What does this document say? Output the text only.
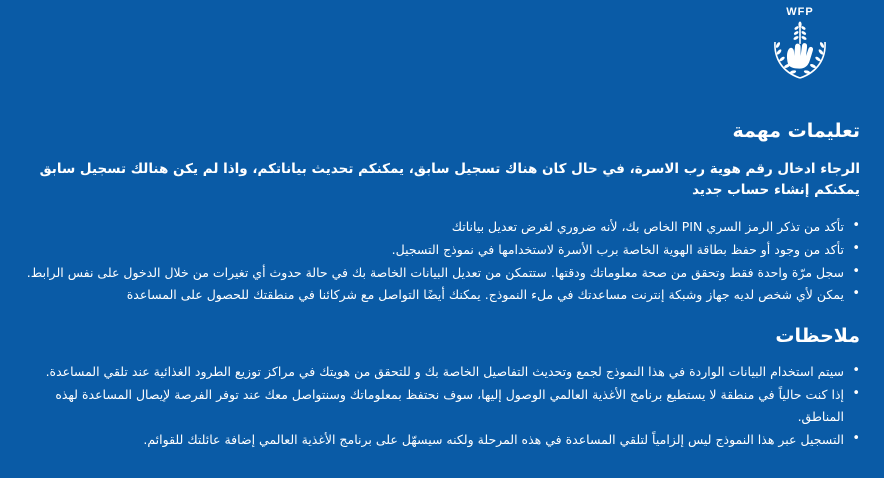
WFP
تعليمات مهمة

الرجاء ادخال رقم هوية رب الاسرة، في حال كان هناك تسجيل سابق، يمكنكم تحديث بياناتكم، واذا لم يكن هنالك تسجيل سابق يمكنكم إنشاء حساب جديد

• تأكد من تذكر الرمز السري PIN الخاص بك، لأنه ضروري لغرض تعديل بياناتك
• تأكد من وجود أو حفظ بطاقة الهوية الخاصة برب الأسرة لاستخدامها في نموذج التسجيل.
• سجل مرّة واحدة فقط وتحقق من صحة معلوماتك ودقتها. ستتمكن من تعديل البيانات الخاصة بك في حالة حدوث أي تغيرات من خلال الدخول على نفس الرابط.
• يمكن لأي شخص لديه جهاز وشبكة إنترنت مساعدتك في ملء النموذج. يمكنك أيضًا التواصل مع شركائنا في منطقتك للحصول على المساعدة
ملاحظات
• سيتم استخدام البيانات الواردة في هذا النموذج لجمع وتحديث التفاصيل الخاصة بك و للتحقق من هويتك في مراكز توزيع الطرود الغذائية عند تلقي المساعدة.
• إذا كنت حالياً في منطقة لا يستطيع برنامج الأغذية العالمي الوصول إليها، سوف نحتفظ بمعلوماتك وسنتواصل معك عند توفر الفرصة لإيصال المساعدة لهذه المناطق.
• التسجيل عبر هذا النموذج ليس إلزامياً لتلقي المساعدة في هذه المرحلة ولكنه سيسهّل على برنامج الأغذية العالمي إضافة عائلتك للقوائم.
